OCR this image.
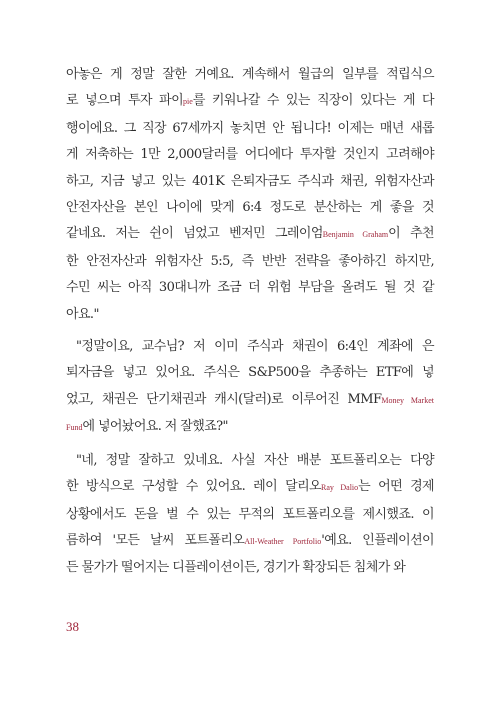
아놓은 게 정말 잘한 거예요. 계속해서 월급의 일부를 적립식으

로 넣으며 투자 파이pie를 키워나갈 수 있는 직장이 있다는 게 다

행이에요. 그 직장 67세까지 놓치면 안 됩니다! 이제는 매년 새롭

게 저축하는 1만 2,000달러를 어디에다 투자할 것인지 고려해야

하고, 지금 넣고 있는 401K 은퇴자금도 주식과 채권, 위험자산과

안전자산을 본인 나이에 맞게 6:4 정도로 분산하는 게 좋을 것

같네요. 저는 쉰이 넘었고 벤저민 그레이엄Benjamin Graham이 추천

한 안전자산과 위험자산 5:5, 즉 반반 전략을 좋아하긴 하지만,

수민 씨는 아직 30대니까 조금 더 위험 부담을 올려도 될 것 같

아요."

"정말이요, 교수님? 저 이미 주식과 채권이 6:4인 계좌에 은

퇴자금을 넣고 있어요. 주식은 S&P500을 추종하는 ETF에 넣

었고, 채권은 단기채권과 캐시(달러)로 이루어진 MMFMoney Market

Fund에 넣어놨어요. 저 잘했죠?"

"네, 정말 잘하고 있네요. 사실 자산 배분 포트폴리오는 다양

한 방식으로 구성할 수 있어요. 레이 달리오Ray Dalio는 어떤 경제

상황에서도 돈을 벌 수 있는 무적의 포트폴리오를 제시했죠. 이

름하여 '모든 날씨 포트폴리오All-Weather Portfolio'예요. 인플레이션이

든 물가가 떨어지는 디플레이션이든, 경기가 확장되든 침체가 와

38
